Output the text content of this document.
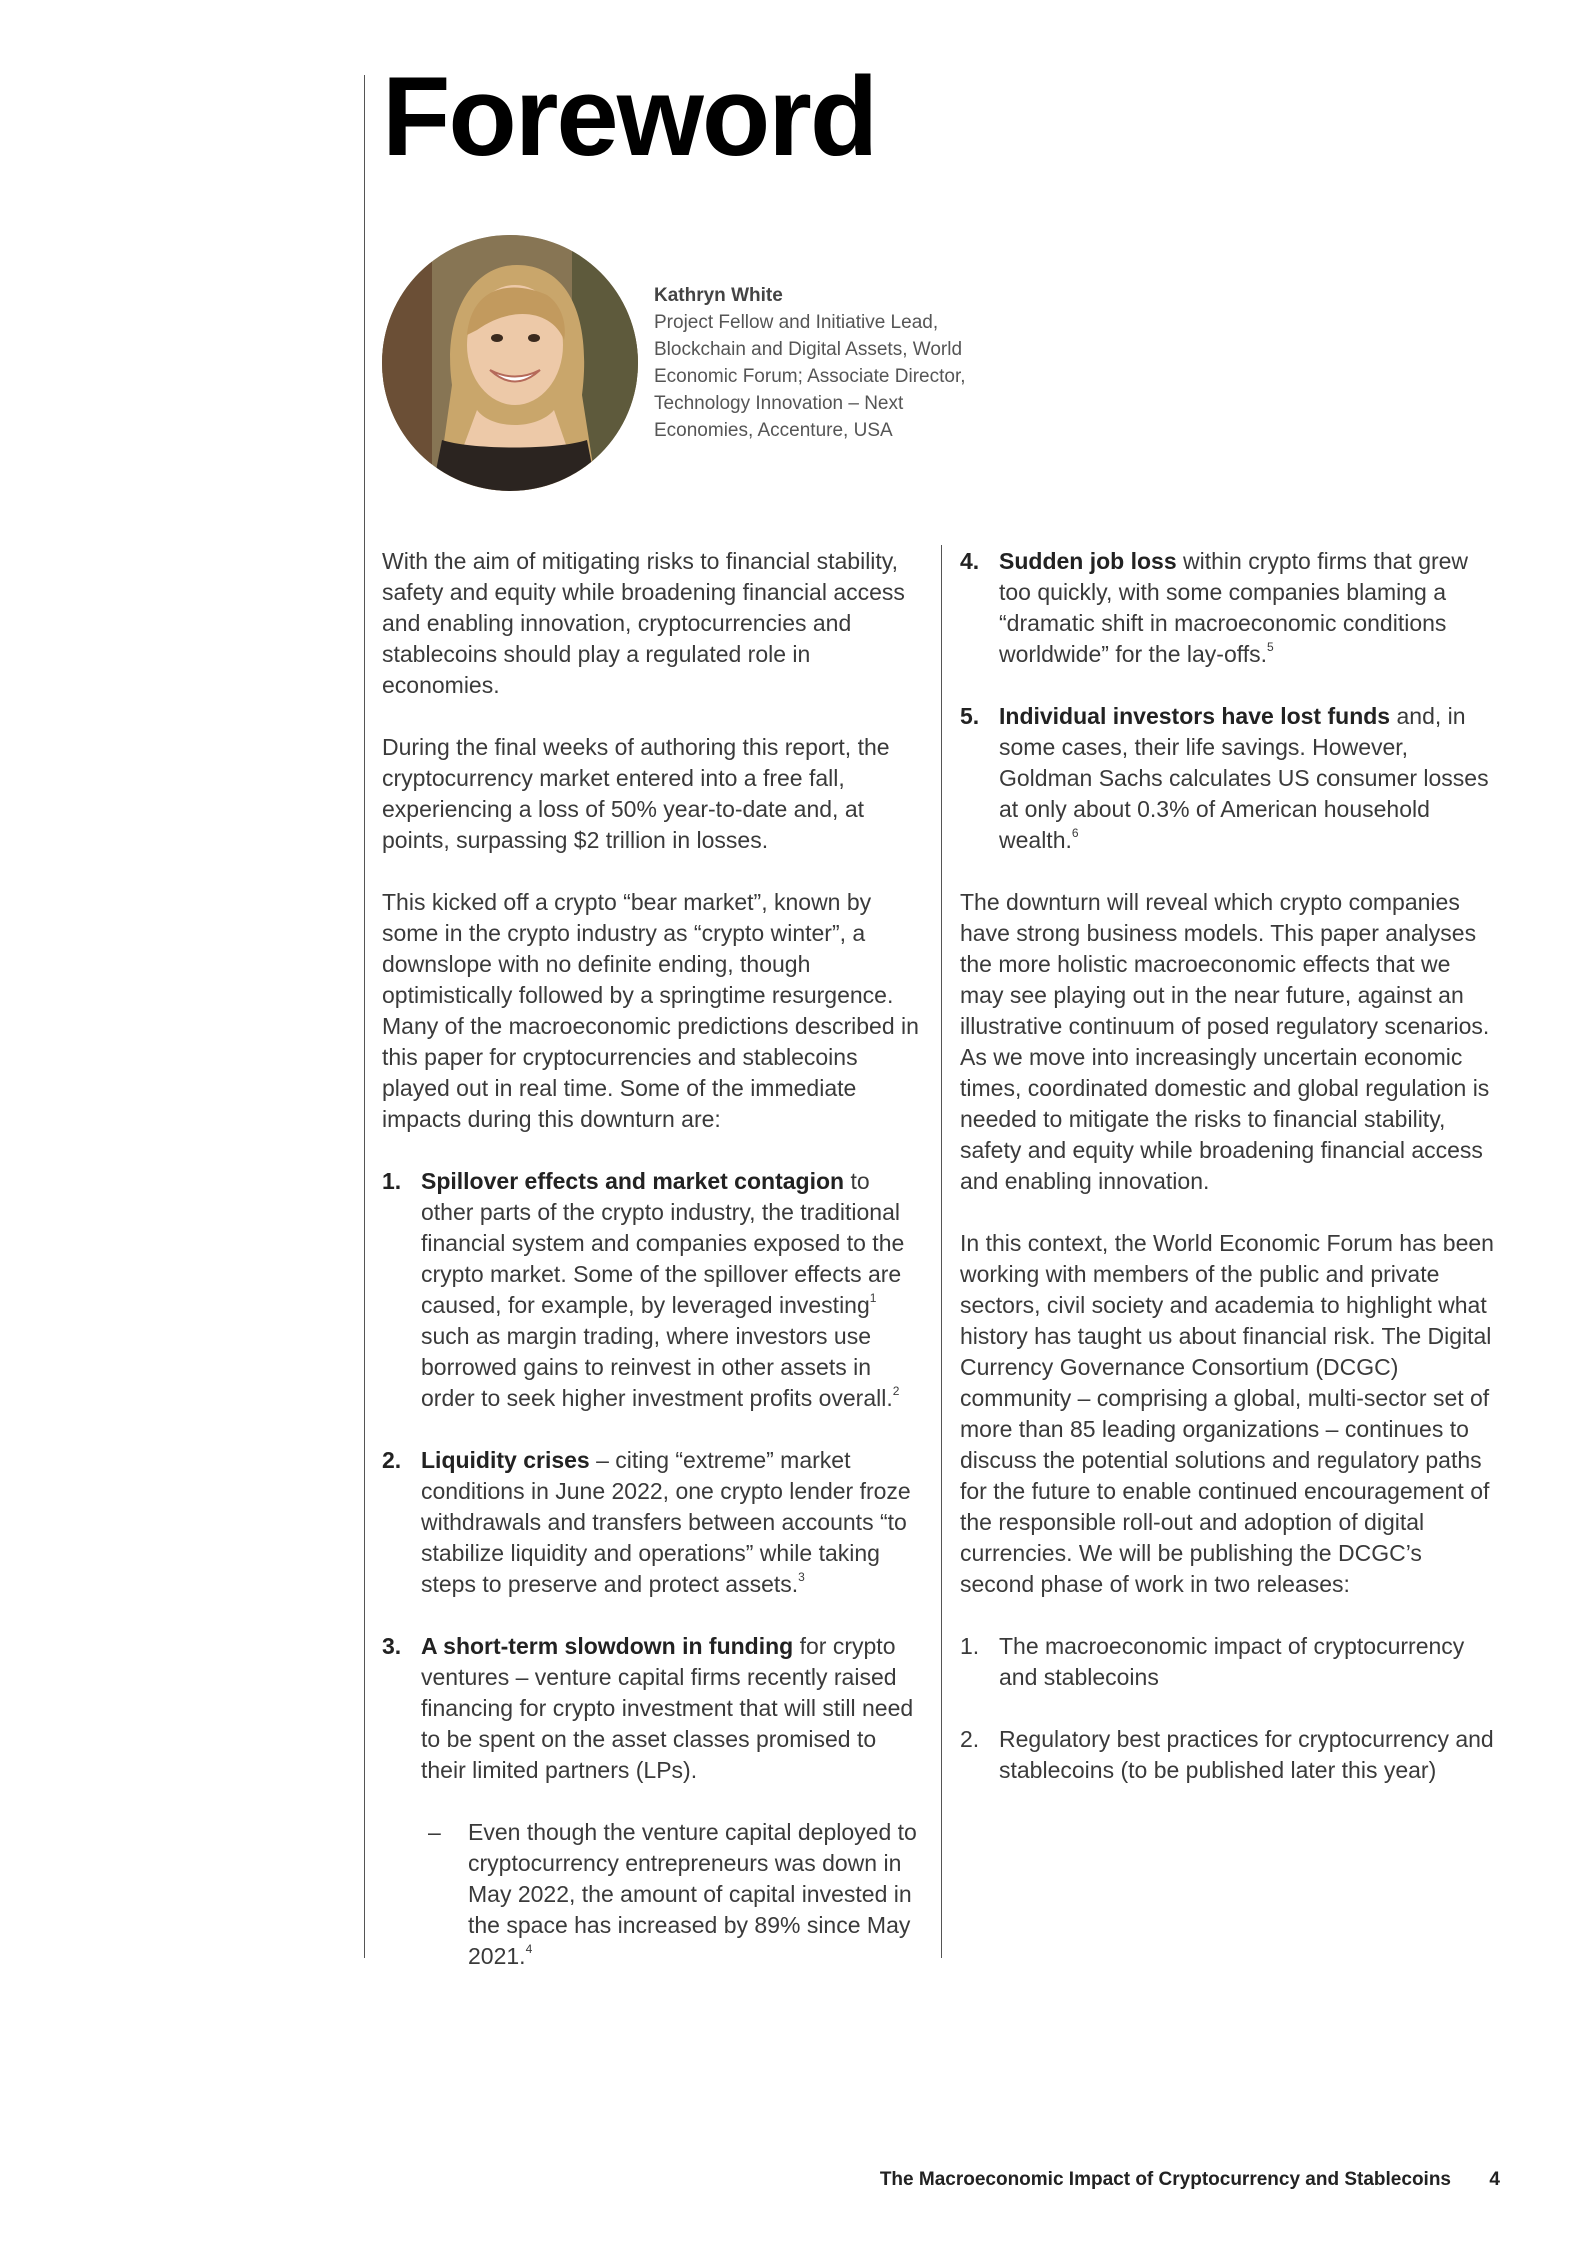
Foreword
Kathryn White
Project Fellow and Initiative Lead, Blockchain and Digital Assets, World Economic Forum; Associate Director, Technology Innovation – Next Economies, Accenture, USA

With the aim of mitigating risks to financial stability, safety and equity while broadening financial access and enabling innovation, cryptocurrencies and stablecoins should play a regulated role in economies.

During the final weeks of authoring this report, the cryptocurrency market entered into a free fall, experiencing a loss of 50% year-to-date and, at points, surpassing $2 trillion in losses.

This kicked off a crypto “bear market”, known by some in the crypto industry as “crypto winter”, a downslope with no definite ending, though optimistically followed by a springtime resurgence. Many of the macroeconomic predictions described in this paper for cryptocurrencies and stablecoins played out in real time. Some of the immediate impacts during this downturn are:

1. Spillover effects and market contagion to other parts of the crypto industry, the traditional financial system and companies exposed to the crypto market. Some of the spillover effects are caused, for example, by leveraged investing$^1$ such as margin trading, where investors use borrowed gains to reinvest in other assets in order to seek higher investment profits overall.$^2$
2. Liquidity crises – citing “extreme” market conditions in June 2022, one crypto lender froze withdrawals and transfers between accounts “to stabilize liquidity and operations” while taking steps to preserve and protect assets.$^3$
3. A short-term slowdown in funding for crypto ventures – venture capital firms recently raised financing for crypto investment that will still need to be spent on the asset classes promised to their limited partners (LPs).
– Even though the venture capital deployed to cryptocurrency entrepreneurs was down in May 2022, the amount of capital invested in the space has increased by 89% since May 2021.$^4$
4. Sudden job loss within crypto firms that grew too quickly, with some companies blaming a “dramatic shift in macroeconomic conditions worldwide” for the lay-offs.$^5$
5. Individual investors have lost funds and, in some cases, their life savings. However, Goldman Sachs calculates US consumer losses at only about 0.3% of American household wealth.$^6$

The downturn will reveal which crypto companies have strong business models. This paper analyses the more holistic macroeconomic effects that we may see playing out in the near future, against an illustrative continuum of posed regulatory scenarios. As we move into increasingly uncertain economic times, coordinated domestic and global regulation is needed to mitigate the risks to financial stability, safety and equity while broadening financial access and enabling innovation.

In this context, the World Economic Forum has been working with members of the public and private sectors, civil society and academia to highlight what history has taught us about financial risk. The Digital Currency Governance Consortium (DCGC) community – comprising a global, multi-sector set of more than 85 leading organizations – continues to discuss the potential solutions and regulatory paths for the future to enable continued encouragement of the responsible roll-out and adoption of digital currencies. We will be publishing the DCGC’s second phase of work in two releases:

1. The macroeconomic impact of cryptocurrency and stablecoins
2. Regulatory best practices for cryptocurrency and stablecoins (to be published later this year)
The Macroeconomic Impact of Cryptocurrency and Stablecoins 4
